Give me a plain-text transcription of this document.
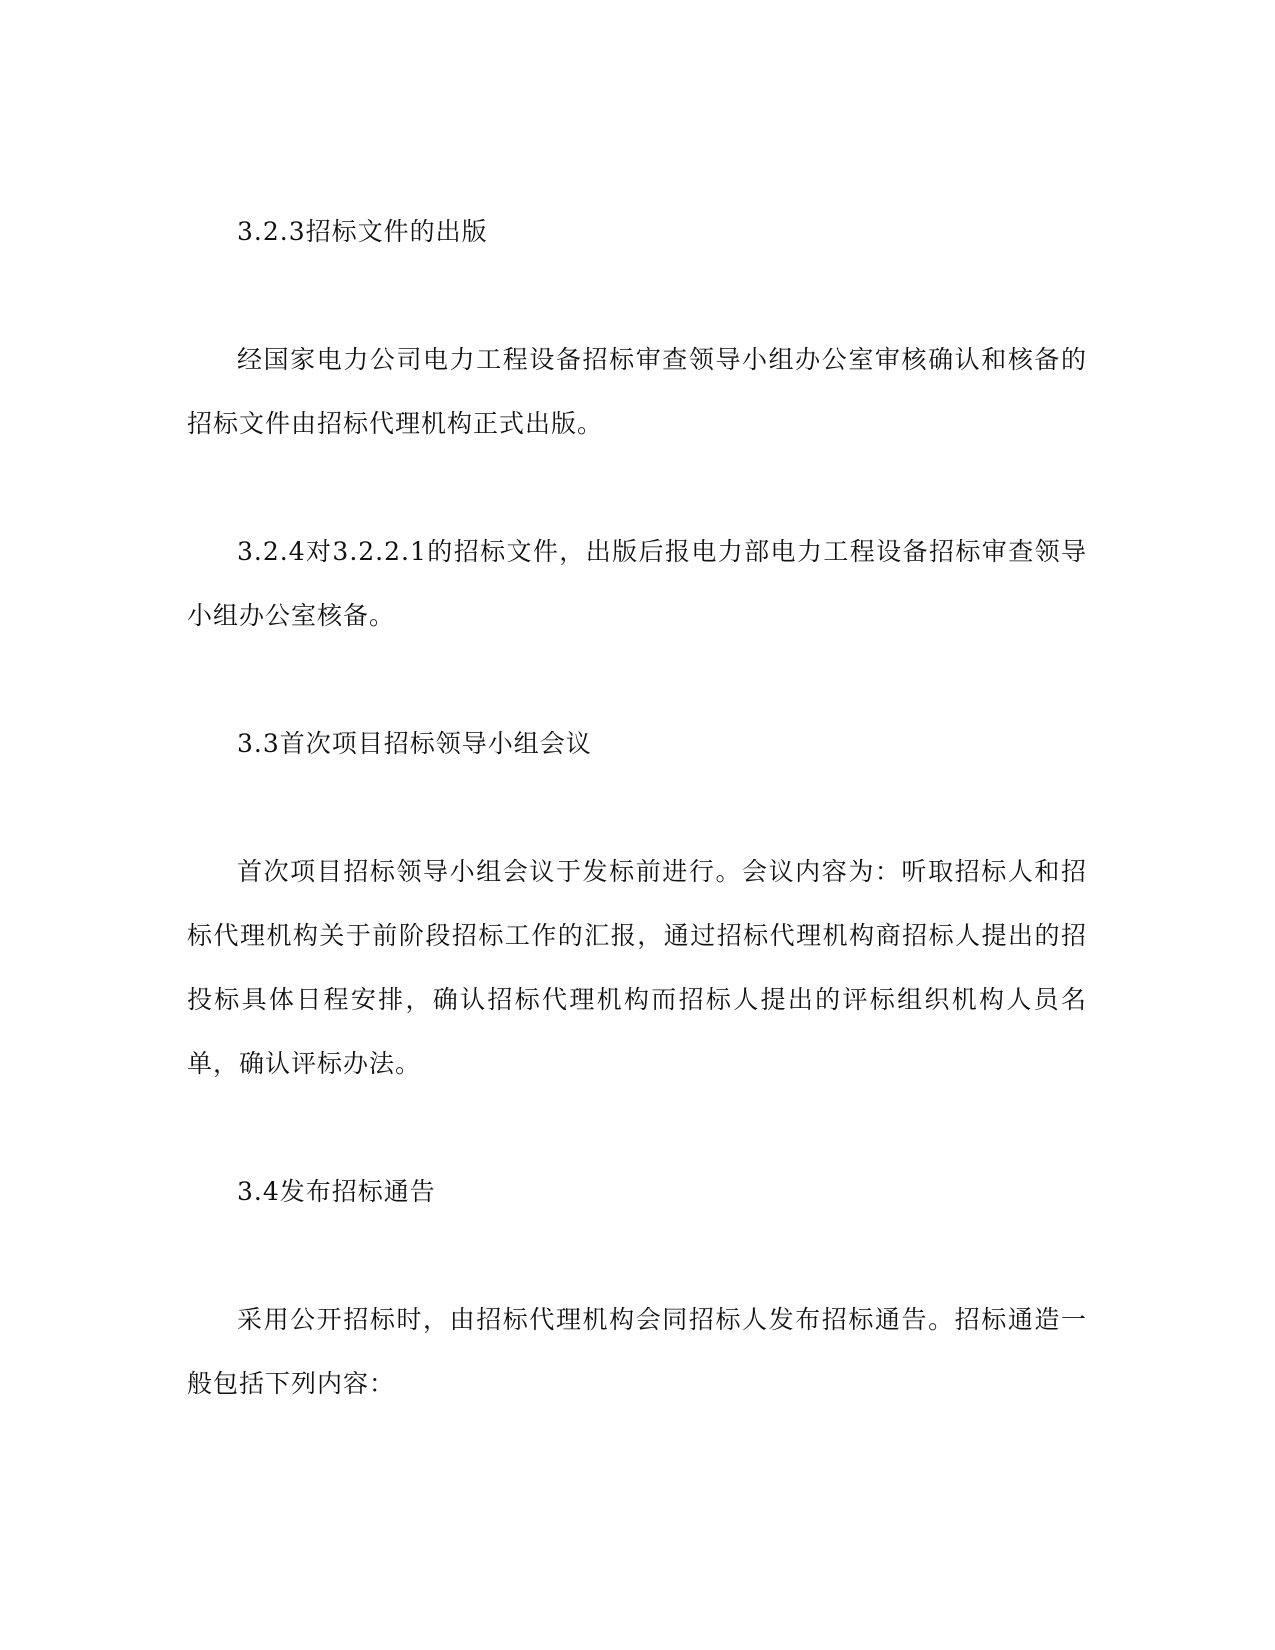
3.2.3招标文件的出版

经国家电力公司电力工程设备招标审查领导小组办公室审核确认和核备的招标文件由招标代理机构正式出版。

3.2.4对3.2.2.1的招标文件，出版后报电力部电力工程设备招标审查领导小组办公室核备。

3.3首次项目招标领导小组会议

首次项目招标领导小组会议于发标前进行。会议内容为：听取招标人和招标代理机构关于前阶段招标工作的汇报，通过招标代理机构商招标人提出的招投标具体日程安排，确认招标代理机构而招标人提出的评标组织机构人员名单，确认评标办法。

3.4发布招标通告

采用公开招标时，由招标代理机构会同招标人发布招标通告。招标通造一般包括下列内容：
